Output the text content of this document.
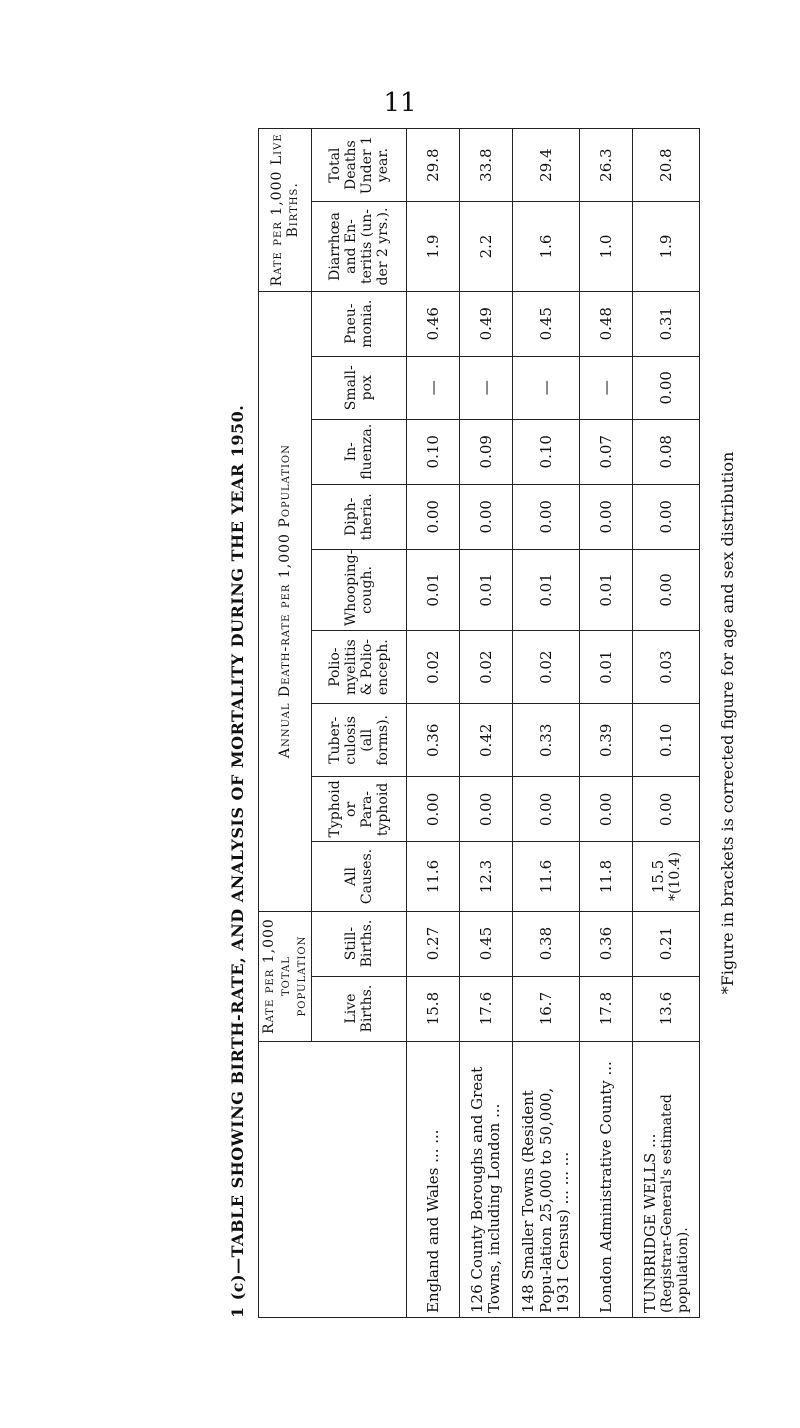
11
1 (c)—TABLE SHOWING BIRTH-RATE, AND ANALYSIS OF MORTALITY DURING THE YEAR 1950.
		Rate per 1,000 total population		Annual Death-rate per 1,000 Population									Rate per 1,000 Live Births.	
	Live Births.	Still-Births.	All Causes.	Typhoid or Para-typhoid	Tuber-culosis (all forms).	Polio-myelitis & Polio-enceph.	Whooping-cough.	Diph-theria.	In-fluenza.	Small-pox	Pneu-monia.	Diarrhœa and En-teritis (un-der 2 yrs.).	Total Deaths Under 1 year.
England and Wales ... ...	15.8	0.27	11.6	0.00	0.36	0.02	0.01	0.00	0.10	—	0.46	1.9	29.8
126 County Boroughs and Great Towns, including London ...	17.6	0.45	12.3	0.00	0.42	0.02	0.01	0.00	0.09	—	0.49	2.2	33.8
148 Smaller Towns (Resident Popu-lation 25,000 to 50,000, 1931 Census) ... ... ...	16.7	0.38	11.6	0.00	0.33	0.02	0.01	0.00	0.10	—	0.45	1.6	29.4
London Administrative County ...	17.8	0.36	11.8	0.00	0.39	0.01	0.01	0.00	0.07	—	0.48	1.0	26.3
TUNBRIDGE WELLS ... (Registrar-General's estimated population).	13.6	0.21	15.5 *(10.4)	0.00	0.10	0.03	0.00	0.00	0.08	0.00	0.31	1.9	20.8
*Figure in brackets is corrected figure for age and sex distribution
